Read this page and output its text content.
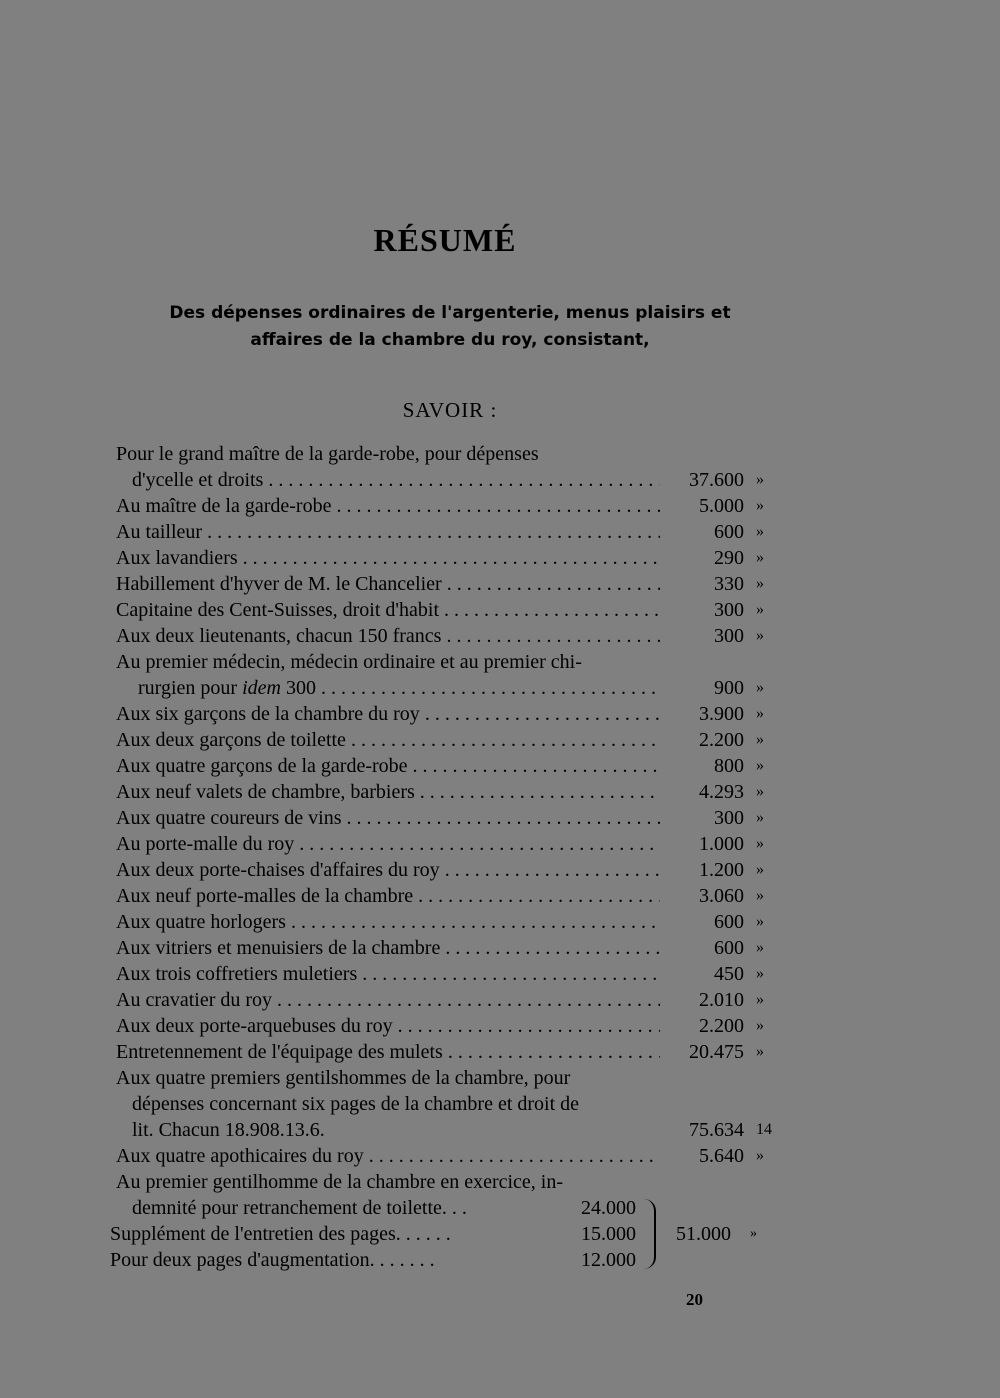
RÉSUMÉ
Des dépenses ordinaires de l'argenterie, menus plaisirs et
affaires de la chambre du roy, consistant,
SAVOIR :
Pour le grand maître de la garde-robe, pour dépenses
d'ycelle et droits . . .	37.600 »
Au maître de la garde-robe . . .	5.000 »
Au tailleur . . .	600 »
Aux lavandiers . . .	290 »
Habillement d'hyver de M. le Chancelier . . .	330 »
Capitaine des Cent-Suisses, droit d'habit . . .	300 »
Aux deux lieutenants, chacun 150 francs . . .	300 »
Au premier médecin, médecin ordinaire et au premier chi-
rurgien pour idem 300 . . .	900 »
Aux six garçons de la chambre du roy . . .	3.900 »
Aux deux garçons de toilette . . .	2.200 »
Aux quatre garçons de la garde-robe . . .	800 »
Aux neuf valets de chambre, barbiers . . .	4.293 »
Aux quatre coureurs de vins . . .	300 »
Au porte-malle du roy . . .	1.000 »
Aux deux porte-chaises d'affaires du roy . . .	1.200 »
Aux neuf porte-malles de la chambre . . .	3.060 »
Aux quatre horlogers . . .	600 »
Aux vitriers et menuisiers de la chambre . . .	600 »
Aux trois coffretiers muletiers . . .	450 »
Au cravatier du roy . . .	2.010 »
Aux deux porte-arquebuses du roy . . .	2.200 »
Entretennement de l'équipage des mulets . . .	20.475 »
Aux quatre premiers gentilshommes de la chambre, pour
dépenses concernant six pages de la chambre et droit de
lit. Chacun 18.908.13.6.	75.634 14
Aux quatre apothicaires du roy . . .	5.640 »
Au premier gentilhomme de la chambre en exercice, in-
demnité pour retranchement de toilette. . .	24.000
Supplément de l'entretien des pages. . . . . .	15.000
Pour deux pages d'augmentation. . . . . . .	12.000
51.000 »
20
